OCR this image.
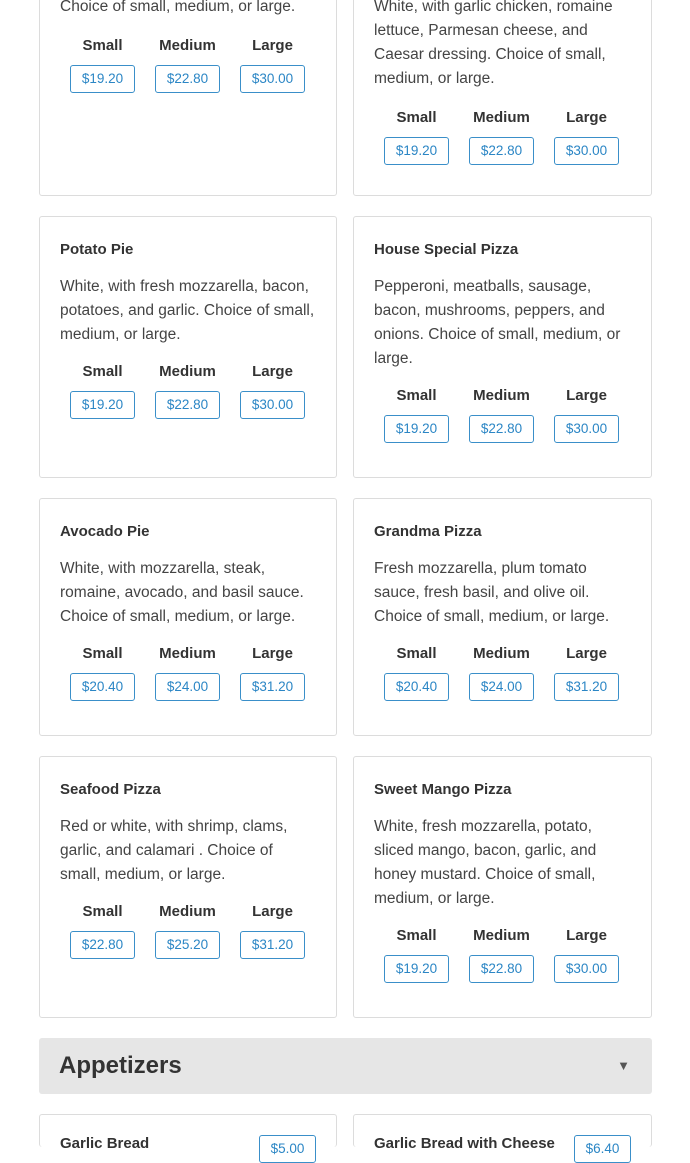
Choice of small, medium, or large.
Small
$19.20
Medium
$22.80
Large
$30.00
White, with garlic chicken, romaine lettuce, Parmesan cheese, and Caesar dressing. Choice of small, medium, or large.
Small
$19.20
Medium
$22.80
Large
$30.00
Potato Pie
White, with fresh mozzarella, bacon, potatoes, and garlic. Choice of small, medium, or large.
Small
$19.20
Medium
$22.80
Large
$30.00
House Special Pizza
Pepperoni, meatballs, sausage, bacon, mushrooms, peppers, and onions. Choice of small, medium, or large.
Small
$19.20
Medium
$22.80
Large
$30.00
Avocado Pie
White, with mozzarella, steak, romaine, avocado, and basil sauce. Choice of small, medium, or large.
Small
$20.40
Medium
$24.00
Large
$31.20
Grandma Pizza
Fresh mozzarella, plum tomato sauce, fresh basil, and olive oil. Choice of small, medium, or large.
Small
$20.40
Medium
$24.00
Large
$31.20
Seafood Pizza
Red or white, with shrimp, clams, garlic, and calamari . Choice of small, medium, or large.
Small
$22.80
Medium
$25.20
Large
$31.20
Sweet Mango Pizza
White, fresh mozzarella, potato, sliced mango, bacon, garlic, and honey mustard. Choice of small, medium, or large.
Small
$19.20
Medium
$22.80
Large
$30.00
Appetizers	▼
Garlic Bread	$5.00	Garlic Bread with Cheese	$6.40
